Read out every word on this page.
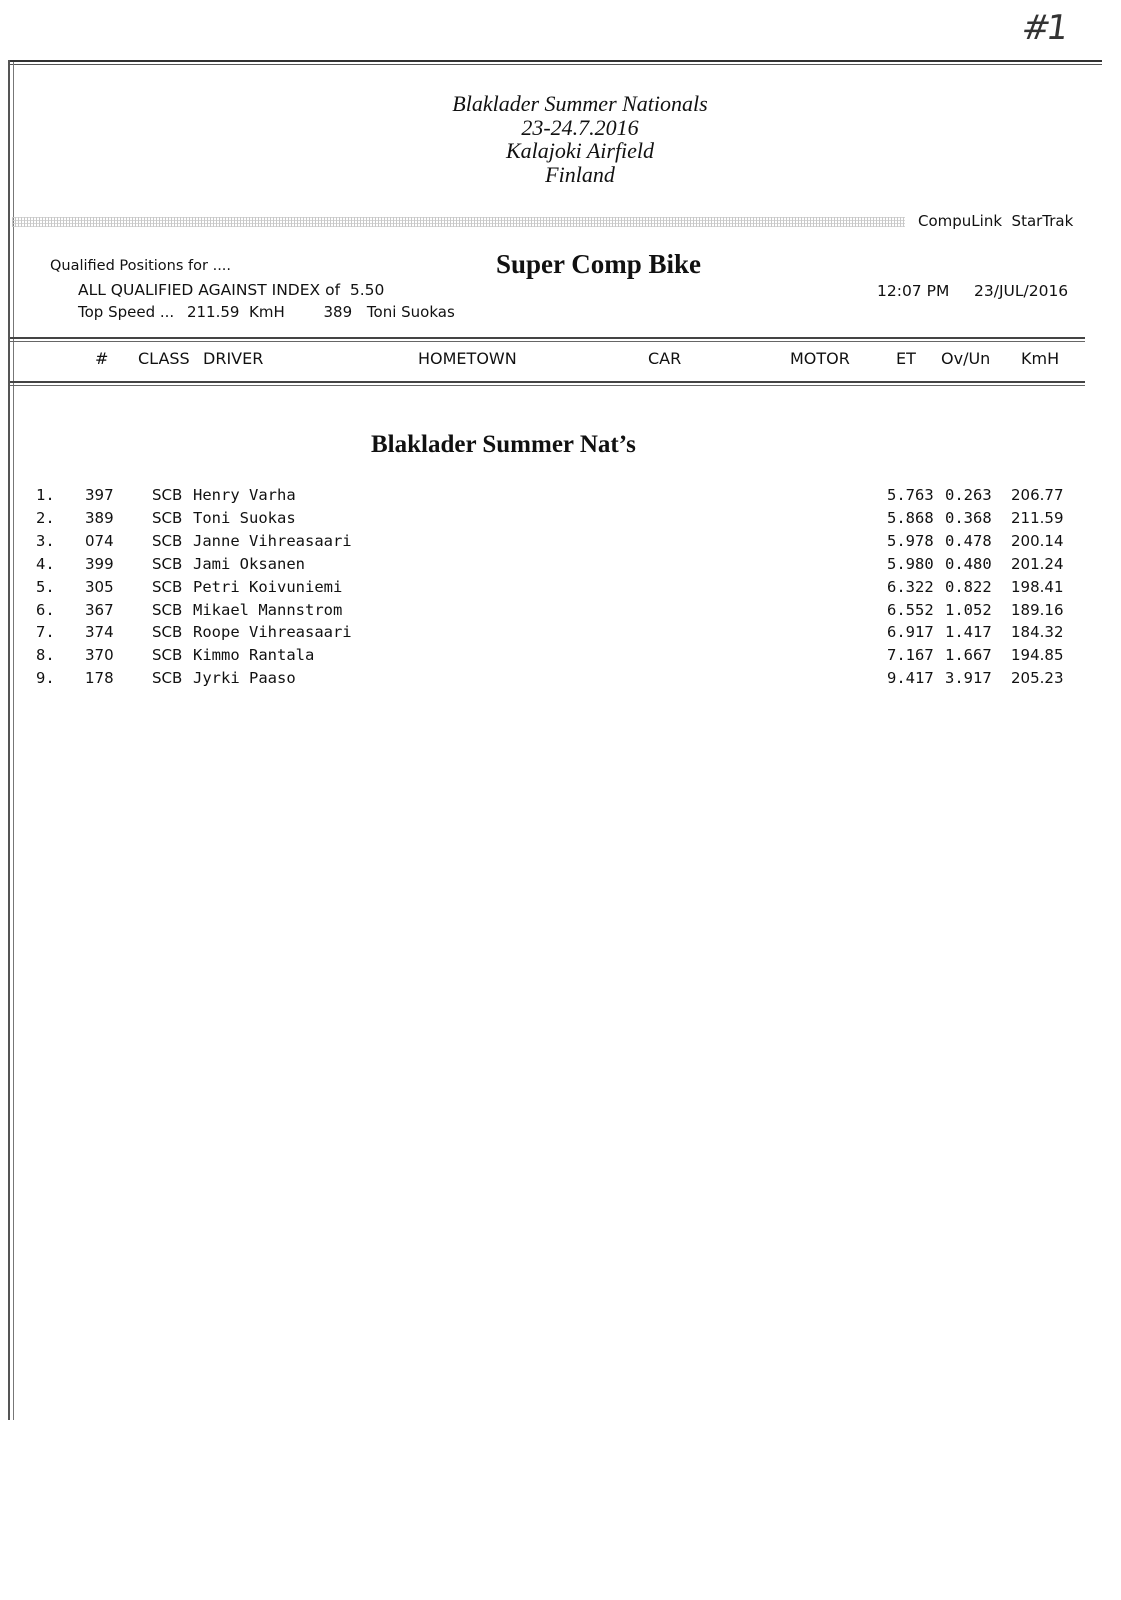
#1
Blaklader Summer Nationals
23-24.7.2016
Kalajoki Airfield
Finland
CompuLink  StarTrak
Qualified Positions for ....
ALL QUALIFIED AGAINST INDEX of  5.50
Top Speed ... 211.59  KmH	389 Toni Suokas
Super Comp Bike
12:07 PM 23/JUL/2016
# CLASS DRIVER	HOMETOWN	CAR	MOTOR	ET Ov/Un KmH
Blaklader Summer Nat’s
1. 397	SCB Henry Varha	5.763 0.263 206.77
2. 389	SCB Toni Suokas	5.868 0.368 211.59
3. 074	SCB Janne Vihreasaari	5.978 0.478 200.14
4. 399	SCB Jami Oksanen	5.980 0.480 201.24
5. 305	SCB Petri Koivuniemi	6.322 0.822 198.41
6. 367	SCB Mikael Mannstrom	6.552 1.052 189.16
7. 374	SCB Roope Vihreasaari	6.917 1.417 184.32
8. 370	SCB Kimmo Rantala	7.167 1.667 194.85
9. 178	SCB Jyrki Paaso	9.417 3.917 205.23
